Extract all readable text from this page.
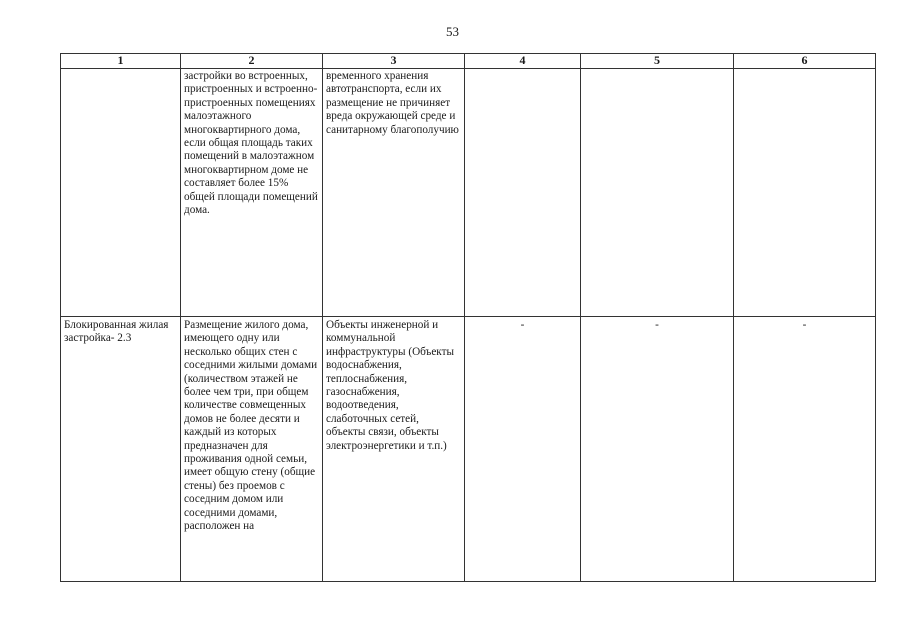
53
1	2	3	4	5	6

	застройки во встроенных, пристроенных и встроенно-пристроенных помещениях малоэтажного многоквартирного дома, если общая площадь таких помещений в малоэтажном многоквартирном доме не составляет более 15% общей площади помещений дома.	временного хранения автотранспорта, если их размещение не причиняет вреда окружающей среде и санитарному благополучию			

Блокированная жилая застройка- 2.3	Размещение жилого дома, имеющего одну или несколько общих стен с соседними жилыми домами (количеством этажей не более чем три, при общем количестве совмещенных домов не более десяти и каждый из которых предназначен для проживания одной семьи, имеет общую стену (общие стены) без проемов с соседним домом или соседними домами, расположен на	Объекты инженерной и коммунальной инфраструктуры (Объекты водоснабжения, теплоснабжения, газоснабжения, водоотведения, слаботочных сетей, объекты связи, объекты электроэнергетики и т.п.)	-	-	-
